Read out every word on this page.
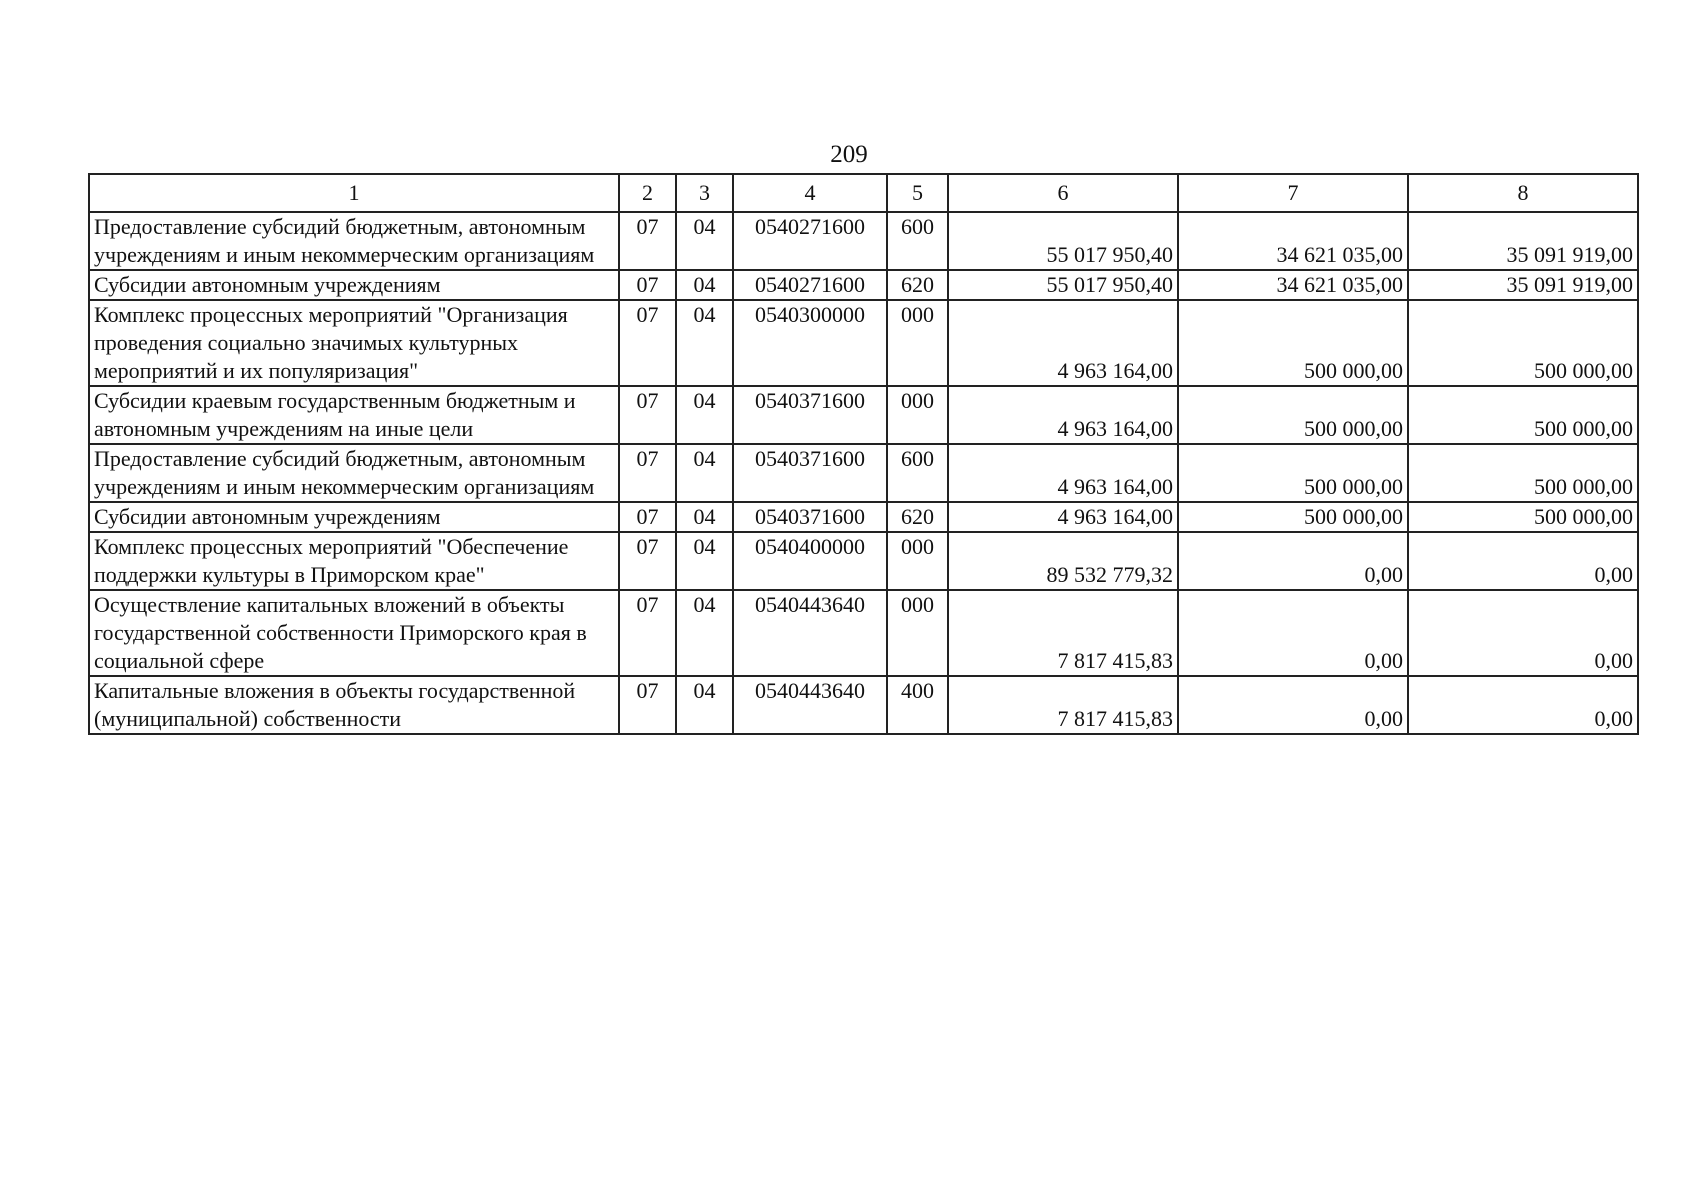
209
1	2	3	4	5	6	7	8
Предоставление субсидий бюджетным, автономным учреждениям и иным некоммерческим организациям	07	04	0540271600	600	55 017 950,40	34 621 035,00	35 091 919,00
Субсидии автономным учреждениям	07	04	0540271600	620	55 017 950,40	34 621 035,00	35 091 919,00
Комплекс процессных мероприятий "Организация проведения социально значимых культурных мероприятий и их популяризация"	07	04	0540300000	000	4 963 164,00	500 000,00	500 000,00
Субсидии краевым государственным бюджетным и автономным учреждениям на иные цели	07	04	0540371600	000	4 963 164,00	500 000,00	500 000,00
Предоставление субсидий бюджетным, автономным учреждениям и иным некоммерческим организациям	07	04	0540371600	600	4 963 164,00	500 000,00	500 000,00
Субсидии автономным учреждениям	07	04	0540371600	620	4 963 164,00	500 000,00	500 000,00
Комплекс процессных мероприятий "Обеспечение поддержки культуры в Приморском крае"	07	04	0540400000	000	89 532 779,32	0,00	0,00
Осуществление капитальных вложений в объекты государственной собственности Приморского края в социальной сфере	07	04	0540443640	000	7 817 415,83	0,00	0,00
Капитальные вложения в объекты государственной (муниципальной) собственности	07	04	0540443640	400	7 817 415,83	0,00	0,00
